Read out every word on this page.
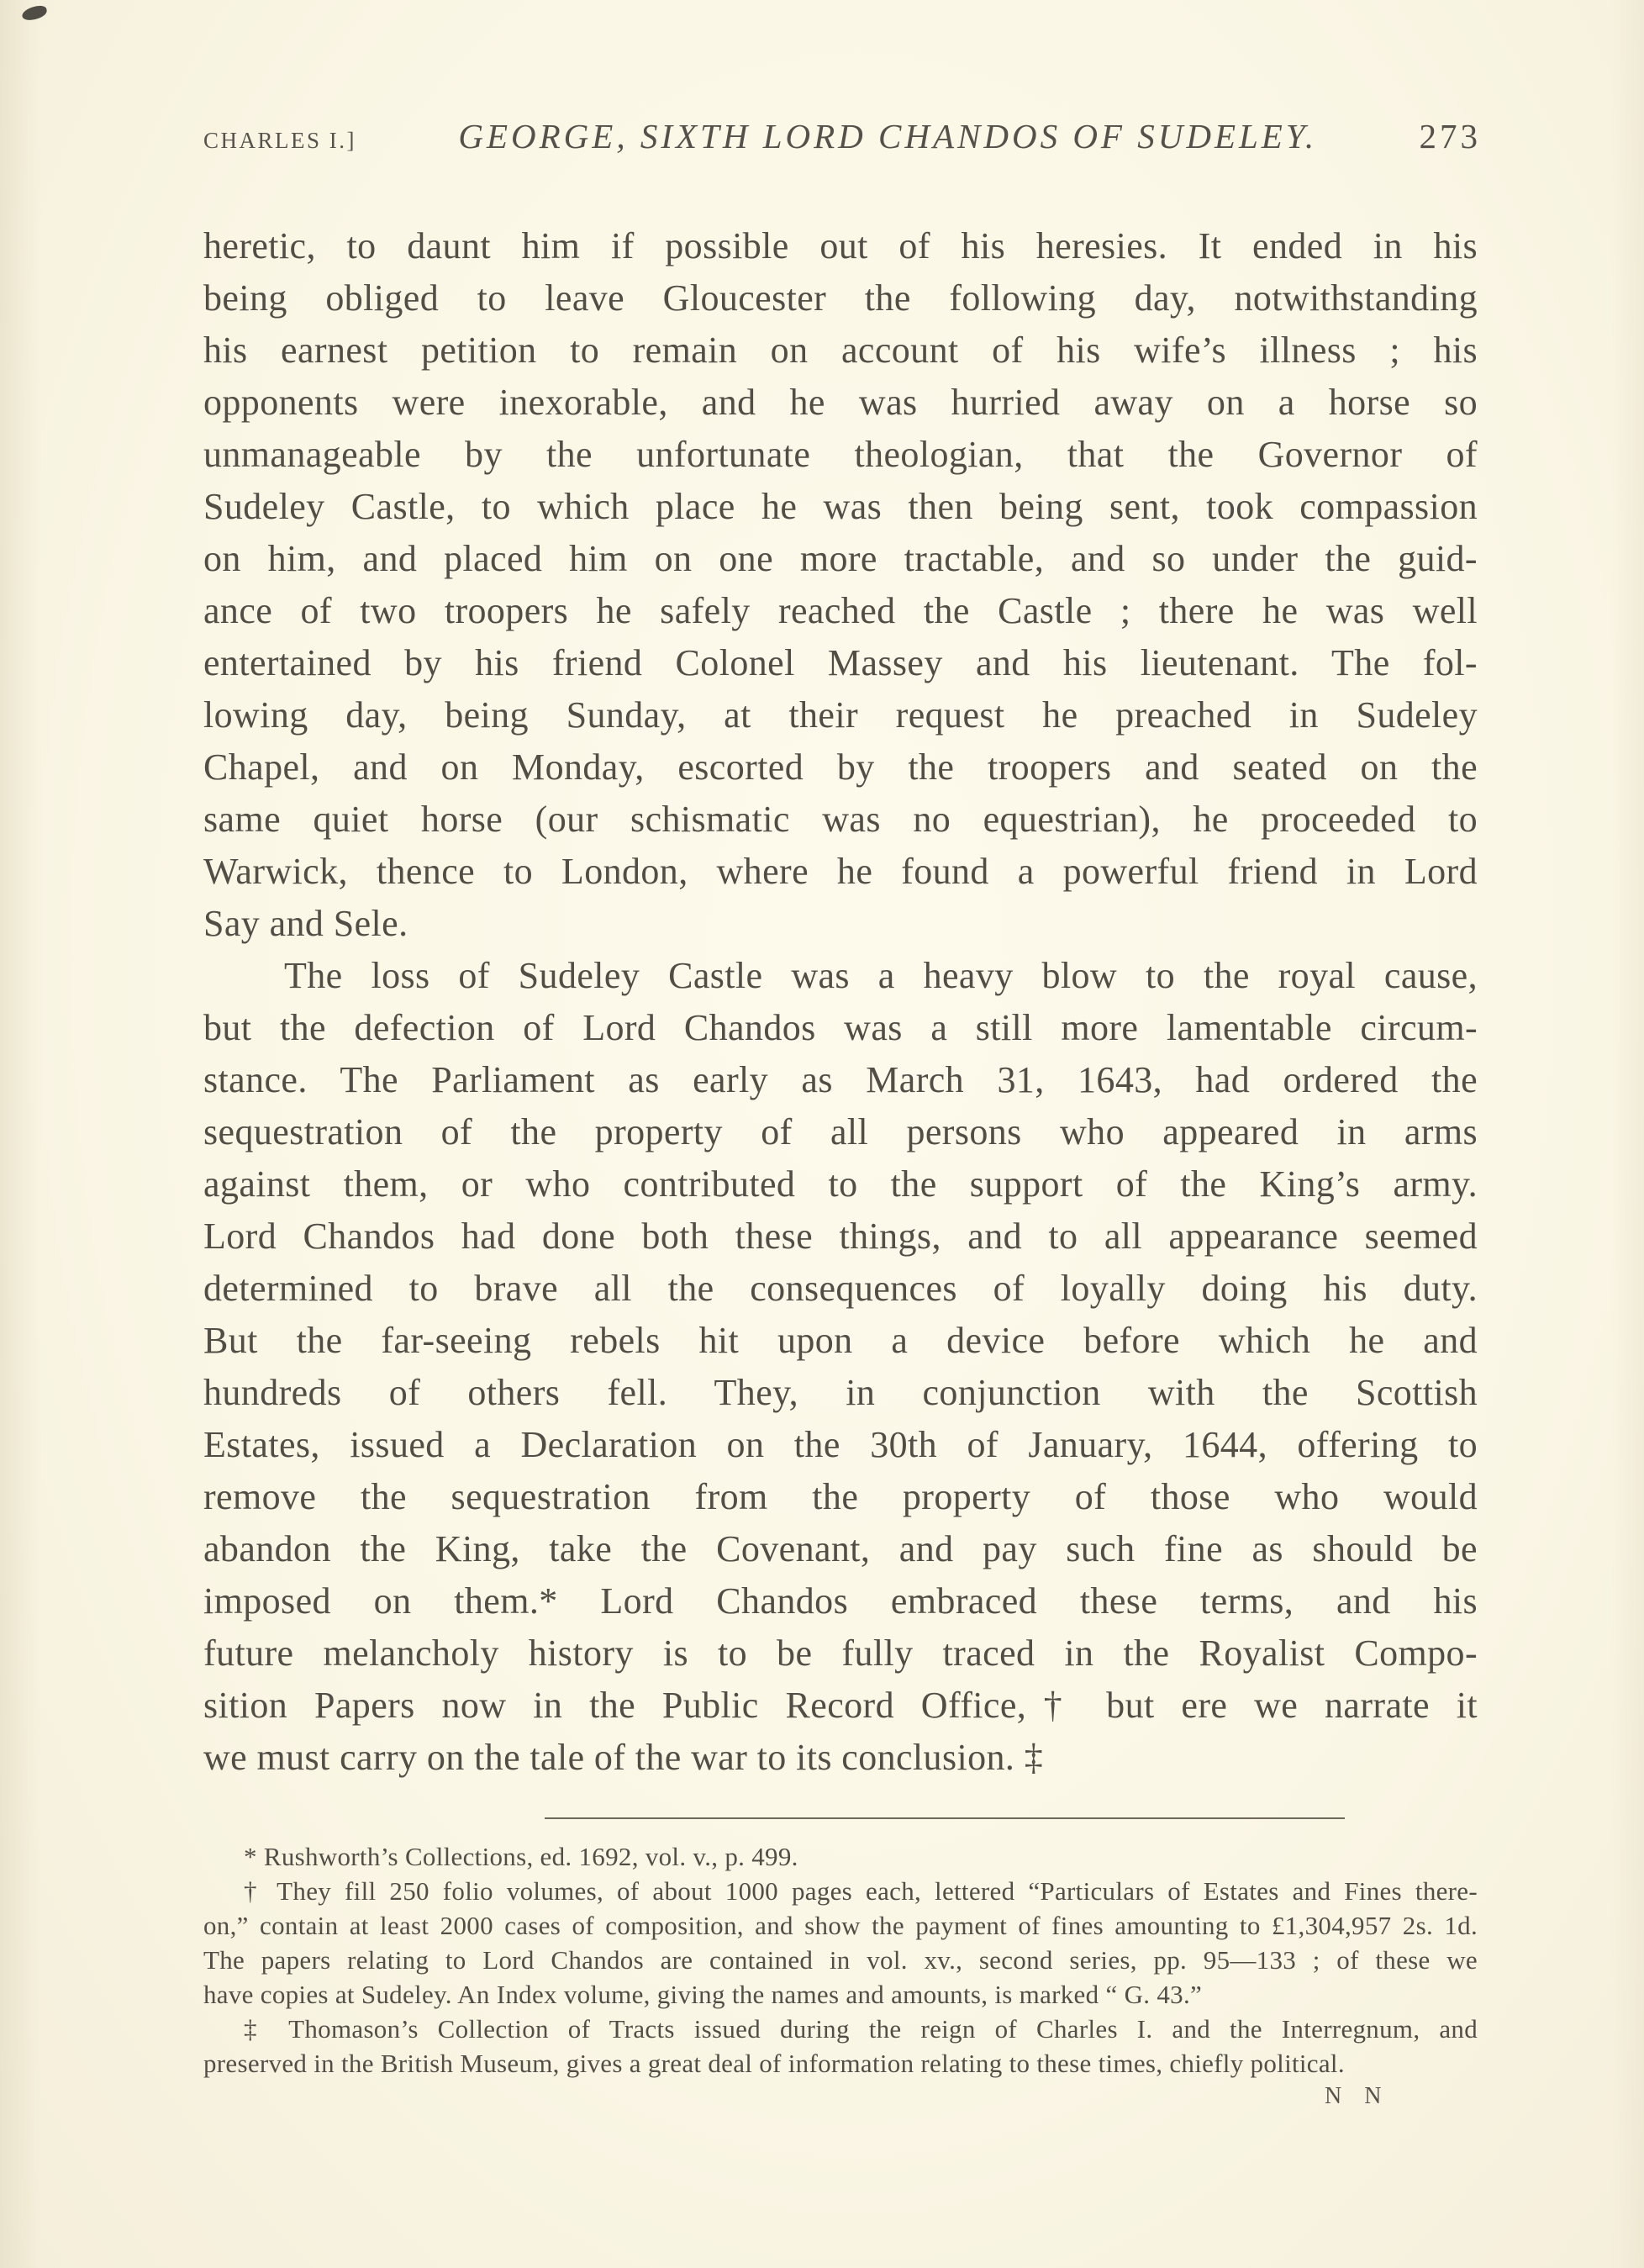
CHARLES I.]	GEORGE, SIXTH LORD CHANDOS OF SUDELEY.	273
heretic, to daunt him if possible out of his heresies. It ended in his
being obliged to leave Gloucester the following day, notwithstanding
his earnest petition to remain on account of his wife’s illness ; his
opponents were inexorable, and he was hurried away on a horse so
unmanageable by the unfortunate theologian, that the Governor of
Sudeley Castle, to which place he was then being sent, took compassion
on him, and placed him on one more tractable, and so under the guid-
ance of two troopers he safely reached the Castle ; there he was well
entertained by his friend Colonel Massey and his lieutenant. The fol-
lowing day, being Sunday, at their request he preached in Sudeley
Chapel, and on Monday, escorted by the troopers and seated on the
same quiet horse (our schismatic was no equestrian), he proceeded to
Warwick, thence to London, where he found a powerful friend in Lord
Say and Sele.
The loss of Sudeley Castle was a heavy blow to the royal cause,
but the defection of Lord Chandos was a still more lamentable circum-
stance. The Parliament as early as March 31, 1643, had ordered the
sequestration of the property of all persons who appeared in arms
against them, or who contributed to the support of the King’s army.
Lord Chandos had done both these things, and to all appearance seemed
determined to brave all the consequences of loyally doing his duty.
But the far-seeing rebels hit upon a device before which he and
hundreds of others fell. They, in conjunction with the Scottish
Estates, issued a Declaration on the 30th of January, 1644, offering to
remove the sequestration from the property of those who would
abandon the King, take the Covenant, and pay such fine as should be
imposed on them.* Lord Chandos embraced these terms, and his
future melancholy history is to be fully traced in the Royalist Compo-
sition Papers now in the Public Record Office,† but ere we narrate it
we must carry on the tale of the war to its conclusion. ‡
* Rushworth’s Collections, ed. 1692, vol. v., p. 499.
† They fill 250 folio volumes, of about 1000 pages each, lettered “Particulars of Estates and Fines there-
on,” contain at least 2000 cases of composition, and show the payment of fines amounting to £1,304,957 2s. 1d.
The papers relating to Lord Chandos are contained in vol. xv., second series, pp. 95—133 ; of these we
have copies at Sudeley. An Index volume, giving the names and amounts, is marked “ G. 43.”
‡ Thomason’s Collection of Tracts issued during the reign of Charles I. and the Interregnum, and
preserved in the British Museum, gives a great deal of information relating to these times, chiefly political.
N N
